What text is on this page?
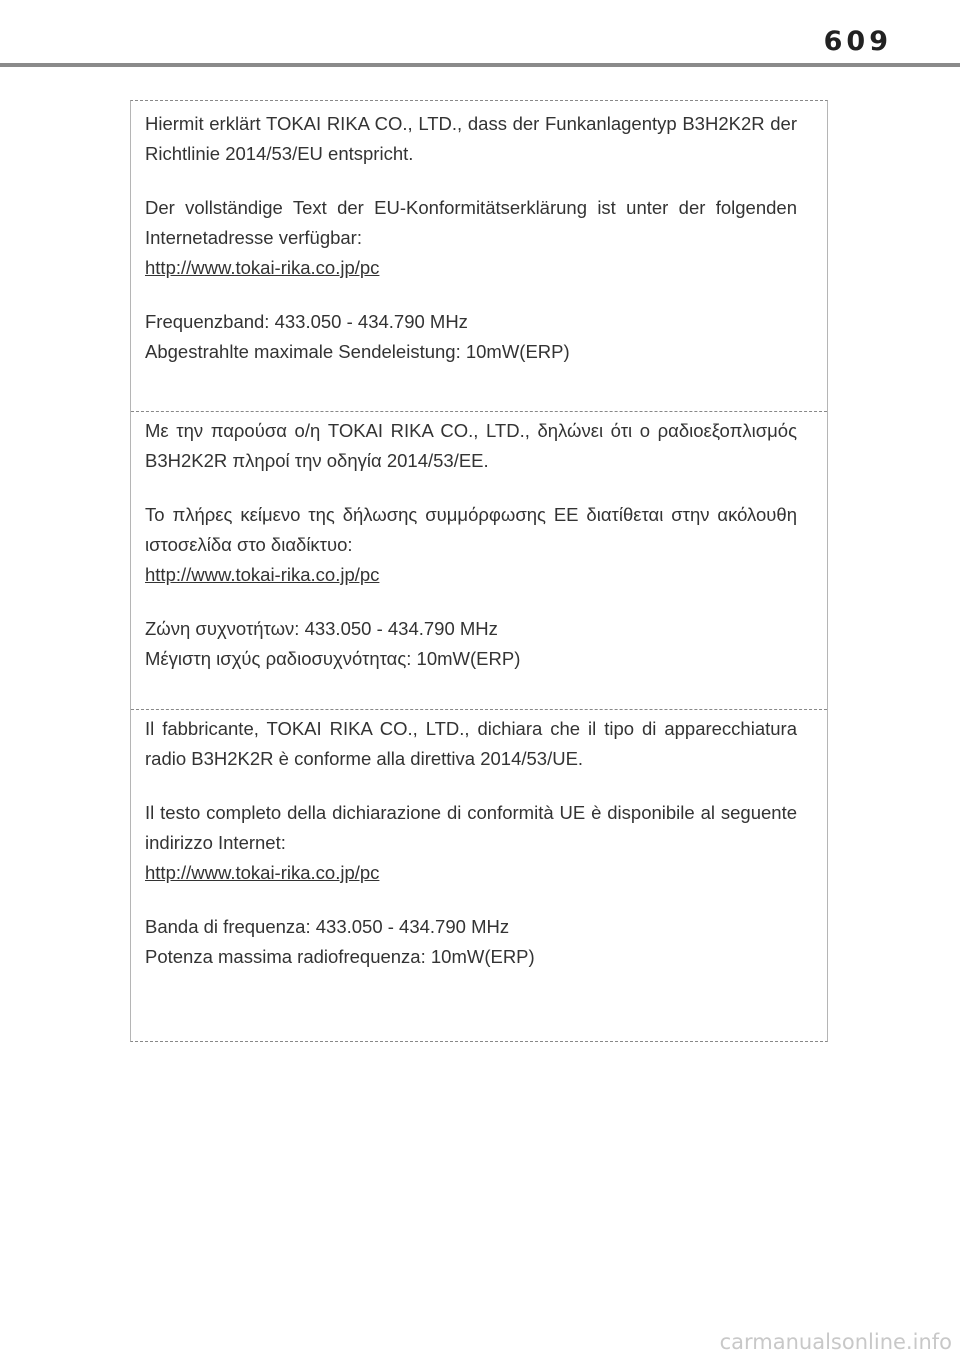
609

Hiermit erklärt TOKAI RIKA CO., LTD., dass der Funkanlagentyp B3H2K2R der Richtlinie 2014/53/EU entspricht.

Der vollständige Text der EU-Konformitätserklärung ist unter der folgenden Internetadresse verfügbar:
http://www.tokai-rika.co.jp/pc

Frequenzband: 433.050 - 434.790 MHz
Abgestrahlte maximale Sendeleistung: 10mW(ERP)

Με την παρούσα ο/η TOKAI RIKA CO., LTD., δηλώνει ότι ο ραδιοεξοπλισμός B3H2K2R πληροί την οδηγία 2014/53/ΕΕ.

Το πλήρες κείμενο της δήλωσης συμμόρφωσης ΕΕ διατίθεται στην ακόλουθη ιστοσελίδα στο διαδίκτυο:
http://www.tokai-rika.co.jp/pc

Ζώνη συχνοτήτων: 433.050 - 434.790 MHz
Μέγιστη ισχύς ραδιοσυχνότητας: 10mW(ERP)

Il fabbricante, TOKAI RIKA CO., LTD., dichiara che il tipo di apparecchiatura radio B3H2K2R è conforme alla direttiva 2014/53/UE.

Il testo completo della dichiarazione di conformità UE è disponibile al seguente indirizzo Internet:
http://www.tokai-rika.co.jp/pc

Banda di frequenza: 433.050 - 434.790 MHz
Potenza massima radiofrequenza: 10mW(ERP)

carmanualsonline.info
